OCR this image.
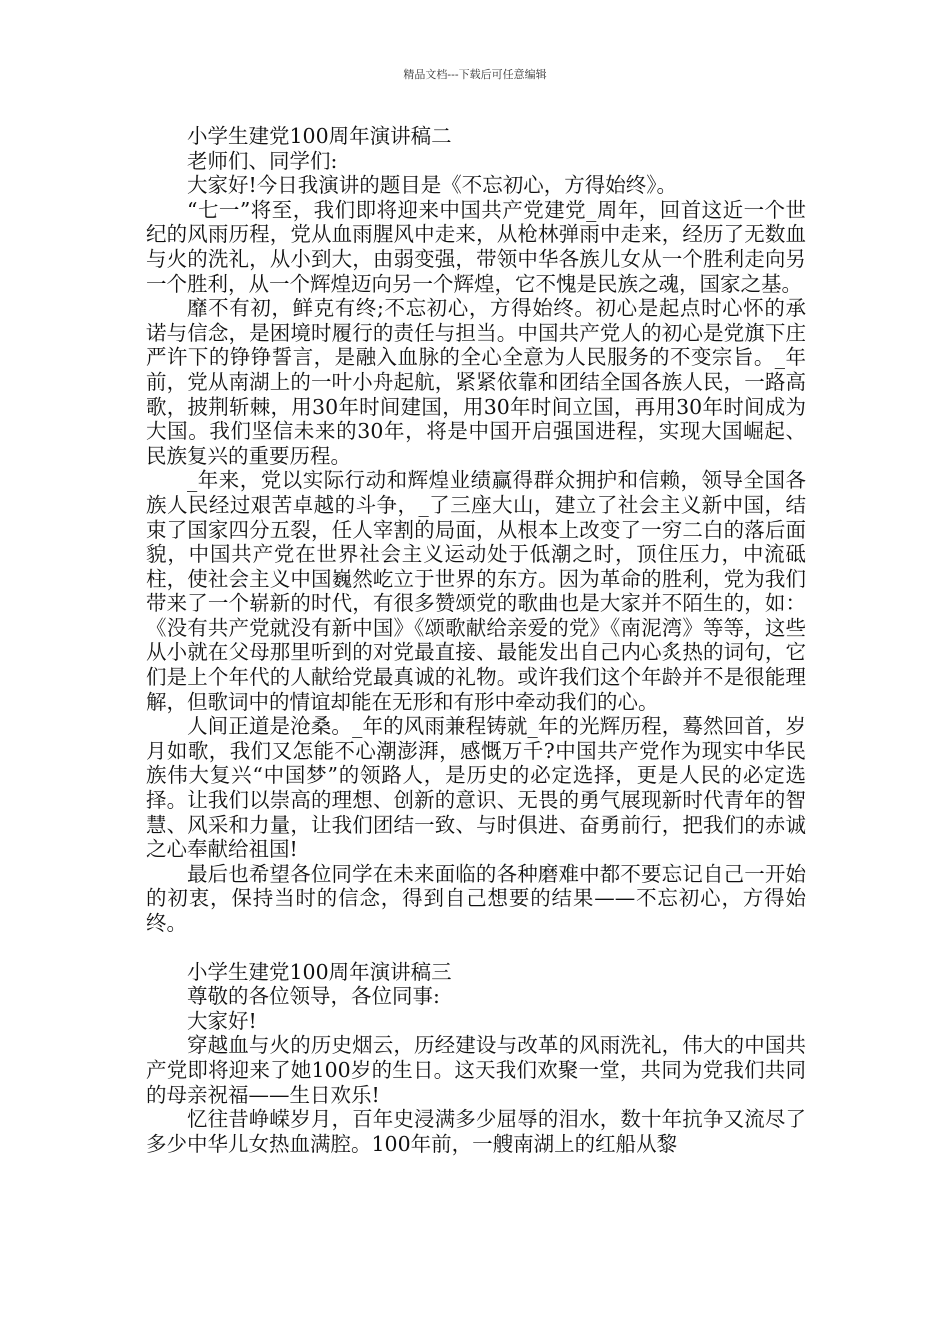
精品文档---下载后可任意编辑

小学生建党100周年演讲稿二

老师们、同学们:

大家好!今日我演讲的题目是《不忘初心，方得始终》。

“七一”将至，我们即将迎来中国共产党建党_周年，回首这近一个世纪的风雨历程，党从血雨腥风中走来，从枪林弹雨中走来，经历了无数血与火的洗礼，从小到大，由弱变强，带领中华各族儿女从一个胜利走向另一个胜利，从一个辉煌迈向另一个辉煌，它不愧是民族之魂，国家之基。

靡不有初，鲜克有终;不忘初心，方得始终。初心是起点时心怀的承诺与信念，是困境时履行的责任与担当。中国共产党人的初心是党旗下庄严许下的铮铮誓言，是融入血脉的全心全意为人民服务的不变宗旨。_年前，党从南湖上的一叶小舟起航，紧紧依靠和团结全国各族人民，一路高歌，披荆斩棘，用30年时间建国，用30年时间立国，再用30年时间成为大国。我们坚信未来的30年，将是中国开启强国进程，实现大国崛起、民族复兴的重要历程。

_年来，党以实际行动和辉煌业绩赢得群众拥护和信赖，领导全国各族人民经过艰苦卓越的斗争，_了三座大山，建立了社会主义新中国，结束了国家四分五裂，任人宰割的局面，从根本上改变了一穷二白的落后面貌，中国共产党在世界社会主义运动处于低潮之时，顶住压力，中流砥柱，使社会主义中国巍然屹立于世界的东方。因为革命的胜利，党为我们带来了一个崭新的时代，有很多赞颂党的歌曲也是大家并不陌生的，如：《没有共产党就没有新中国》《颂歌献给亲爱的党》《南泥湾》等等，这些从小就在父母那里听到的对党最直接、最能发出自己内心炙热的词句，它们是上个年代的人献给党最真诚的礼物。或许我们这个年龄并不是很能理解，但歌词中的情谊却能在无形和有形中牵动我们的心。

人间正道是沧桑。_年的风雨兼程铸就_年的光辉历程，蓦然回首，岁月如歌，我们又怎能不心潮澎湃，感慨万千?中国共产党作为现实中华民族伟大复兴“中国梦”的领路人，是历史的必定选择，更是人民的必定选择。让我们以崇高的理想、创新的意识、无畏的勇气展现新时代青年的智慧、风采和力量，让我们团结一致、与时俱进、奋勇前行，把我们的赤诚之心奉献给祖国!

最后也希望各位同学在未来面临的各种磨难中都不要忘记自己一开始的初衷，保持当时的信念，得到自己想要的结果——不忘初心，方得始终。

小学生建党100周年演讲稿三

尊敬的各位领导，各位同事:

大家好!

穿越血与火的历史烟云，历经建设与改革的风雨洗礼，伟大的中国共产党即将迎来了她100岁的生日。这天我们欢聚一堂，共同为党我们共同的母亲祝福——生日欢乐!

忆往昔峥嵘岁月，百年史浸满多少屈辱的泪水，数十年抗争又流尽了多少中华儿女热血满腔。100年前，一艘南湖上的红船从黎
